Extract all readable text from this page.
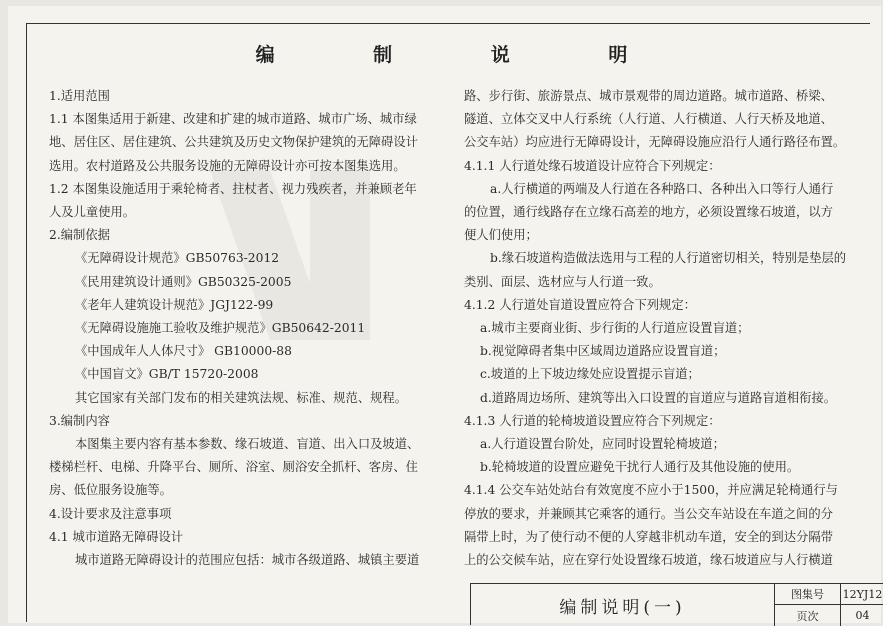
编 制 说 明

1.适用范围

1.1 本图集适用于新建、改建和扩建的城市道路、城市广场、城市绿

地、居住区、居住建筑、公共建筑及历史文物保护建筑的无障碍设计

选用。农村道路及公共服务设施的无障碍设计亦可按本图集选用。

1.2 本图集设施适用于乘轮椅者、拄杖者、视力残疾者，并兼顾老年

人及儿童使用。

2.编制依据

《无障碍设计规范》GB50763-2012

《民用建筑设计通则》GB50325-2005

《老年人建筑设计规范》JGJ122-99

《无障碍设施施工验收及维护规范》GB50642-2011

《中国成年人人体尺寸》 GB10000-88

《中国盲文》GB/T 15720-2008

其它国家有关部门发布的相关建筑法规、标准、规范、规程。

3.编制内容

本图集主要内容有基本参数、缘石坡道、盲道、出入口及坡道、

楼梯栏杆、电梯、升降平台、厕所、浴室、厕浴安全抓杆、客房、住

房、低位服务设施等。

4.设计要求及注意事项

4.1 城市道路无障碍设计

城市道路无障碍设计的范围应包括：城市各级道路、城镇主要道

路、步行街、旅游景点、城市景观带的周边道路。城市道路、桥梁、

隧道、立体交叉中人行系统（人行道、人行横道、人行天桥及地道、

公交车站）均应进行无障碍设计，无障碍设施应沿行人通行路径布置。

4.1.1 人行道处缘石坡道设计应符合下列规定：

a.人行横道的两端及人行道在各种路口、各种出入口等行人通行

的位置，通行线路存在立缘石高差的地方，必须设置缘石坡道，以方

便人们使用；

b.缘石坡道构造做法选用与工程的人行道密切相关，特别是垫层的

类别、面层、选材应与人行道一致。

4.1.2 人行道处盲道设置应符合下列规定：

a.城市主要商业街、步行街的人行道应设置盲道；

b.视觉障碍者集中区域周边道路应设置盲道；

c.坡道的上下坡边缘处应设置提示盲道；

d.道路周边场所、建筑等出入口设置的盲道应与道路盲道相衔接。

4.1.3 人行道的轮椅坡道设置应符合下列规定：

a.人行道设置台阶处，应同时设置轮椅坡道；

b.轮椅坡道的设置应避免干扰行人通行及其他设施的使用。

4.1.4 公交车站处站台有效宽度不应小于1500，并应满足轮椅通行与

停放的要求，并兼顾其它乘客的通行。当公交车站设在车道之间的分

隔带上时，为了使行动不便的人穿越非机动车道，安全的到达分隔带

上的公交候车站，应在穿行处设置缘石坡道，缘石坡道应与人行横道

编制说明(一)
图集号	12YJ12
页次	04
